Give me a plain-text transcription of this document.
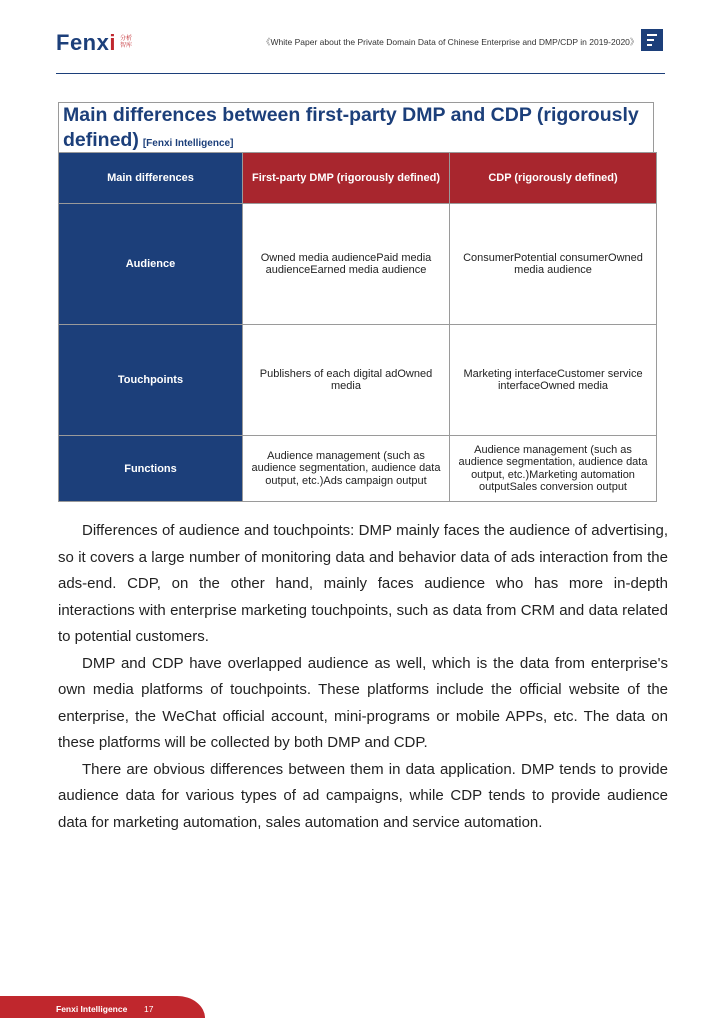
Fenxi 分析
智库	《White Paper about the Private Domain Data of Chinese Enterprise and DMP/CDP in 2019-2020》
Main differences between first-party DMP and CDP (rigorously defined) [Fenxi Intelligence]
Main differences	First-party DMP (rigorously defined)	CDP (rigorously defined)
Audience	Owned media audiencePaid media audienceEarned media audience	ConsumerPotential consumerOwned media audience
Touchpoints	Publishers of each digital adOwned media	Marketing interfaceCustomer service interfaceOwned media
Functions	Audience management (such as audience segmentation, audience data output, etc.)Ads campaign output	Audience management (such as audience segmentation, audience data output, etc.)Marketing automation outputSales conversion output

Differences of audience and touchpoints: DMP mainly faces the audience of advertising, so it covers a large number of monitoring data and behavior data of ads interaction from the ads-end. CDP, on the other hand, mainly faces audience who has more in-depth interactions with enterprise marketing touchpoints, such as data from CRM and data related to potential customers.

DMP and CDP have overlapped audience as well, which is the data from enterprise's own media platforms of touchpoints. These platforms include the official website of the enterprise, the WeChat official account, mini-programs or mobile APPs, etc. The data on these platforms will be collected by both DMP and CDP.

There are obvious differences between them in data application. DMP tends to provide audience data for various types of ad campaigns, while CDP tends to provide audience data for marketing automation, sales automation and service automation.

Fenxi Intelligence 17
